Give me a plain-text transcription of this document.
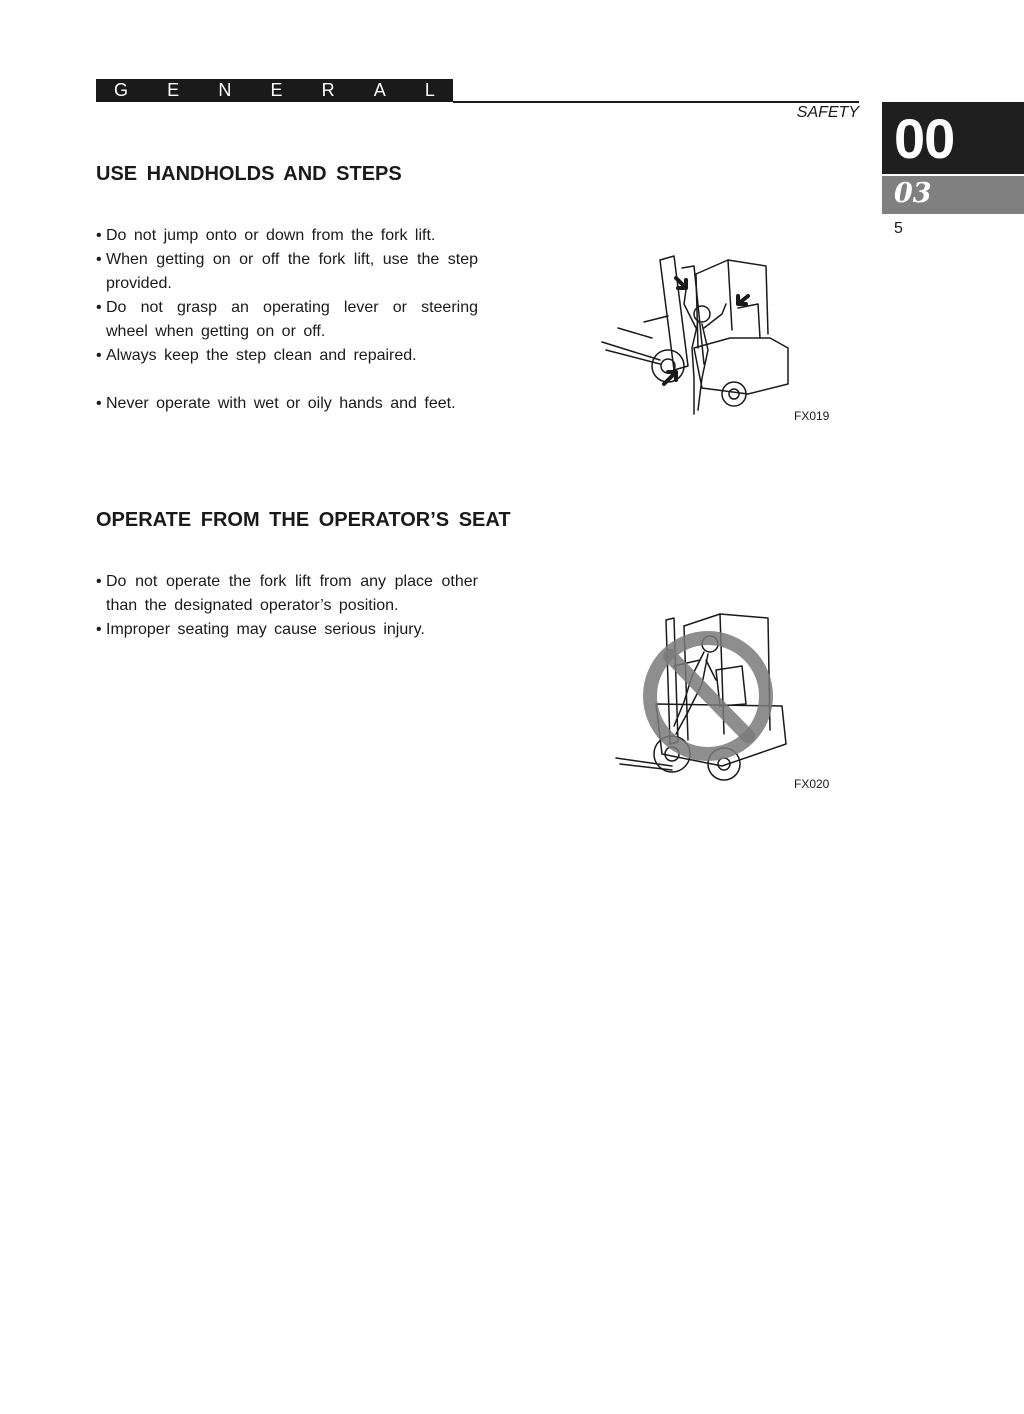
G E N E R A L
SAFETY 00
03
5
USE HANDHOLDS AND STEPS
• Do not jump onto or down from the fork lift.
• When getting on or off the fork lift, use the step provided.
• Do not grasp an operating lever or steering wheel when getting on or off.
• Always keep the step clean and repaired.
• Never operate with wet or oily hands and feet.
FX019
OPERATE FROM THE OPERATOR’S SEAT
• Do not operate the fork lift from any place other than the designated operator’s position.
• Improper seating may cause serious injury.
FX020
